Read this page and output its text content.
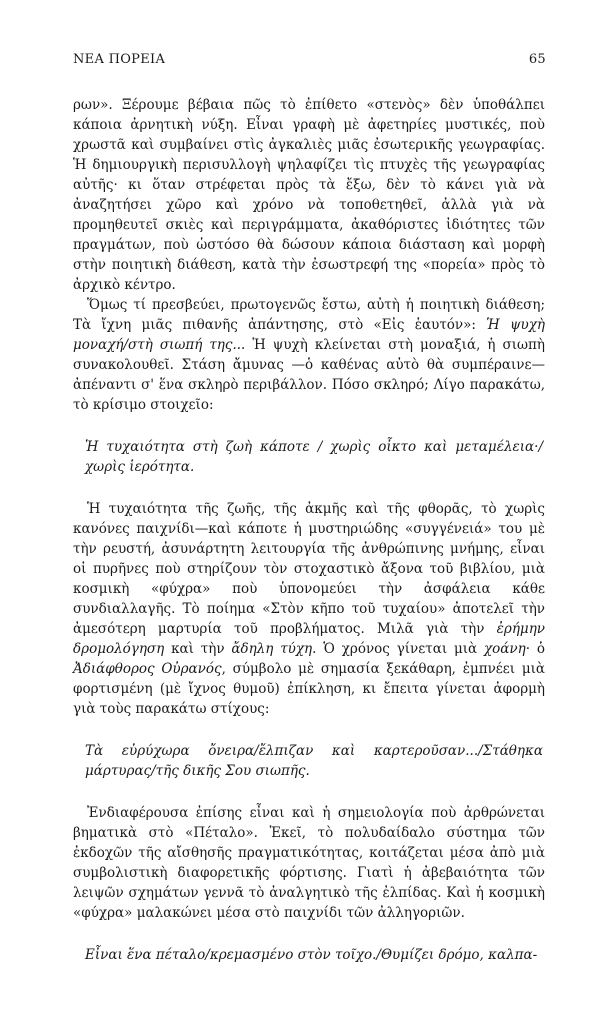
ΝΕΑ ΠΟΡΕΙΑ	65

ρων». Ξέρουμε βέβαια πῶς τὸ ἐπίθετο «στενὸς» δὲν ὑποθάλπει κάποια ἀρνητικὴ νύξη. Εἶναι γραφὴ μὲ ἀφετηρίες μυστικές, ποὺ χρωστᾶ καὶ συμβαίνει στὶς ἀγκαλιὲς μιᾶς ἐσωτερικῆς γεωγραφίας. Ἡ δημιουργικὴ περισυλλογὴ ψηλαφίζει τὶς πτυχὲς τῆς γεωγραφίας αὐτῆς· κι ὅταν στρέφεται πρὸς τὰ ἔξω, δὲν τὸ κάνει γιὰ νὰ ἀναζητήσει χῶρο καὶ χρόνο νὰ τοποθετηθεῖ, ἀλλὰ γιὰ νὰ προμηθευτεῖ σκιὲς καὶ περιγράμματα, ἀκαθόριστες ἰδιότητες τῶν πραγμάτων, ποὺ ὡστόσο θὰ δώσουν κάποια διάσταση καὶ μορφὴ στὴν ποιητικὴ διάθεση, κατὰ τὴν ἐσωστρεφή της «πορεία» πρὸς τὸ ἀρχικὸ κέντρο.

Ὅμως τί πρεσβεύει, πρωτογενῶς ἔστω, αὐτὴ ἡ ποιητικὴ διάθεση; Τὰ ἴχνη μιᾶς πιθανῆς ἀπάντησης, στὸ «Εἰς ἑαυτόν»: Ἡ ψυχὴ μοναχή/στὴ σιωπή της... Ἡ ψυχὴ κλείνεται στὴ μοναξιά, ἡ σιωπὴ συνακολουθεῖ. Στάση ἄμυνας —ὁ καθένας αὐτὸ θὰ συμπέραινε— ἀπέναντι σ' ἕνα σκληρὸ περιβάλλον. Πόσο σκληρό; Λίγο παρακάτω, τὸ κρίσιμο στοιχεῖο:

Ἡ τυχαιότητα στὴ ζωὴ κάποτε / χωρὶς οἶκτο καὶ μεταμέλεια·/χωρὶς ἱερότητα.

Ἡ τυχαιότητα τῆς ζωῆς, τῆς ἀκμῆς καὶ τῆς φθορᾶς, τὸ χωρὶς κανόνες παιχνίδι—καὶ κάποτε ἡ μυστηριώδης «συγγένειά» του μὲ τὴν ρευστή, ἀσυνάρτητη λειτουργία τῆς ἀνθρώπινης μνήμης, εἶναι οἱ πυρῆνες ποὺ στηρίζουν τὸν στοχαστικὸ ἄξονα τοῦ βιβλίου, μιὰ κοσμικὴ «φύχρα» ποὺ ὑπονομεύει τὴν ἀσφάλεια κάθε συνδιαλλαγῆς. Τὸ ποίημα «Στὸν κῆπο τοῦ τυχαίου» ἀποτελεῖ τὴν ἀμεσότερη μαρτυρία τοῦ προβλήματος. Μιλᾶ γιὰ τὴν ἐρήμην δρομολόγηση καὶ τὴν ἄδηλη τύχη. Ὁ χρόνος γίνεται μιὰ χοάνη· ὁ Ἀδιάφθορος Οὐρανός, σύμβολο μὲ σημασία ξεκάθαρη, ἐμπνέει μιὰ φορτισμένη (μὲ ἴχνος θυμοῦ) ἐπίκληση, κι ἔπειτα γίνεται ἀφορμὴ γιὰ τοὺς παρακάτω στίχους:

Τὰ εὐρύχωρα ὄνειρα/ἔλπιζαν καὶ καρτεροῦσαν.../Στάθηκα μάρτυρας/τῆς δικῆς Σου σιωπῆς.

Ἐνδιαφέρουσα ἐπίσης εἶναι καὶ ἡ σημειολογία ποὺ ἀρθρώνεται βηματικὰ στὸ «Πέταλο». Ἐκεῖ, τὸ πολυδαίδαλο σύστημα τῶν ἐκδοχῶν τῆς αἴσθησῆς πραγματικότητας, κοιτάζεται μέσα ἀπὸ μιὰ συμβολιστικὴ διαφορετικῆς φόρτισης. Γιατὶ ἡ ἀβεβαιότητα τῶν λειψῶν σχημάτων γεννᾶ τὸ ἀναλγητικὸ τῆς ἐλπίδας. Καὶ ἡ κοσμικὴ «φύχρα» μαλακώνει μέσα στὸ παιχνίδι τῶν ἀλληγοριῶν.

Εἶναι ἕνα πέταλο/κρεμασμένο στὸν τοῖχο./Θυμίζει δρόμο, καλπα-
